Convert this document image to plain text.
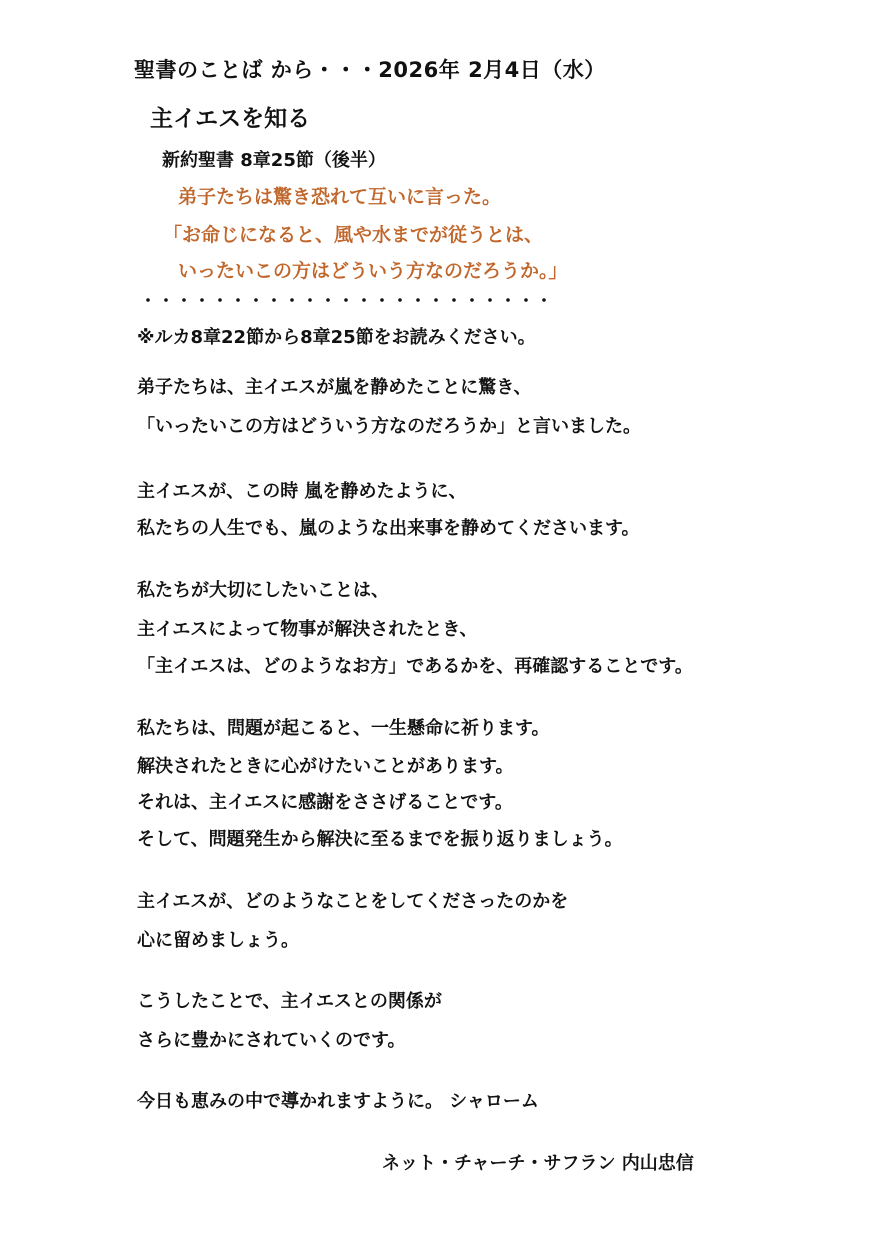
聖書のことば から・・・2026年 2月4日（水）
主イエスを知る
新約聖書 8章25節（後半）
弟子たちは驚き恐れて互いに言った。
「お命じになると、風や水までが従うとは、
いったいこの方はどういう方なのだろうか。」
・・・・・・・・・・・・・・・・・・・・・・・
※ルカ8章22節から8章25節をお読みください。
弟子たちは、主イエスが嵐を静めたことに驚き、
「いったいこの方はどういう方なのだろうか」と言いました。
主イエスが、この時 嵐を静めたように、
私たちの人生でも、嵐のような出来事を静めてくださいます。
私たちが大切にしたいことは、
主イエスによって物事が解決されたとき、
「主イエスは、どのようなお方」であるかを、再確認することです。
私たちは、問題が起こると、一生懸命に祈ります。
解決されたときに心がけたいことがあります。
それは、主イエスに感謝をささげることです。
そして、問題発生から解決に至るまでを振り返りましょう。
主イエスが、どのようなことをしてくださったのかを
心に留めましょう。
こうしたことで、主イエスとの関係が
さらに豊かにされていくのです。
今日も恵みの中で導かれますように。 シャローム
ネット・チャーチ・サフラン 内山忠信
